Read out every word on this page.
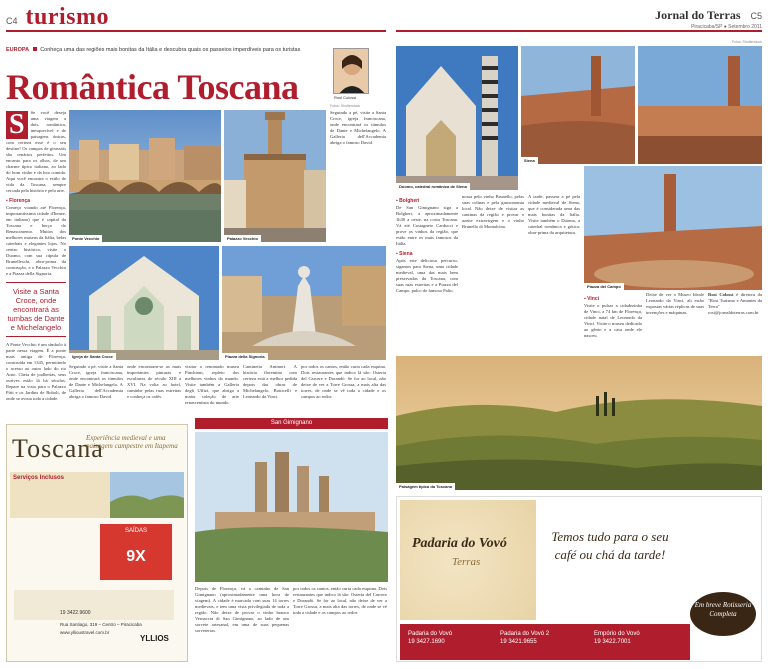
C4 turismo	Jornal do Terras C5
Piracicaba/SP ● Setembro 2011
Fotos: Shutterstock
EUROPA Conheça uma das regiões mais bonitas da Itália e descubra quais os passeios imperdíveis para os turistas
Romântica Toscana	Rosi Colossi
Fotos: Shutterstock
S	Se você deseja uma viagem a dois, romântica, inesquecível e de paisagens únicas, com certeza esse é o seu destino! Os campos de girassóis são cenários perfeitos. Um encanto para os olhos, de um charme típico italiano, ao lado do bom vinho e da boa comida. Aqui você encontra o estilo de vida da Toscana, sempre cercada pela história e pela arte.
▪ Florença
Começo voando até Florença, importantíssima cidade d'Itenze, em italiano) que é capital da Toscana e berço do Renascimento. Muitos dos melhores museus da Itália, belas catedrais e elegantes lojas. No centro histórico, visite o Duomo, com sua cúpula de Brunelleschi, obra-prima da construção, e o Palazzo Vecchio e a Piazza della Signoria.
Visite a Santa Croce, onde encontrará as tumbas de Dante e Michelangelo
A Ponte Vecchio é um símbolo à parte nessa viagem. É a ponte mais antiga de Florença, construída em 1345, permitindo o acesso ao outro lado do rio Arno. Cheia de joalherias, seus ourives estão lá há séculos. Repare na vista para o Palazzo Pitti e os Jardins de Boboli, de onde se avista toda a cidade.
Ponte Vecchio	Palazzo Vecchio
Seguindo a pé, visite a Santa Croce, igreja franciscana, onde encontrará os túmulos de Dante e Michelangelo. A Galleria dell'Accademia abriga o famoso David.
Igreja de Santa Croce	Piazza della Signoria
Seguindo a pé, visite a Santa Croce, igreja franciscana, onde encontrará os túmulos de Dante e Michelangelo. A Galleria dell'Accademia abriga o famoso David.
onde encontram-se as mais importantes pinturas e esculturas do século XIII a XVI. Na volta ao hotel, caminhe pelas ruas estreitas e conheça os cafés.
visitar o renomado museu Pinchioni, repleto dos melhores vinhos do mundo. Visite também a Galleria degli Uffizi, que abriga a maior coleção de arte renascentista do mundo.
Cantinetta Antinori. A história florentina com certeza está a melhor pedida depois das obras de Michelangelo, Botticelli e Leonardo da Vinci.
por todos os cantos, então curta cada esquina. Dois restaurantes que indico lá são: Osteria del Carcere e Dorandò. Se for ao local, não deixe de ver a Torre Grossa, a mais alta das torres, de onde se vê toda a cidade e os campos ao redor.
Toscana
Experiência medieval e uma paisagem campestre em Itapema
Serviços Inclusos
SAÍDAS
9X
19 3422.9600
Rua Santiago, 319 – Centro – Piracicaba
www.yllioustravel.com.br
YLLIOS
San Gimignano
Depois de Florença, vá a caminho de San Gimignano (aproximadamente uma hora de viagem). A cidade é marcada com suas 14 torres medievais, e tem uma vista privilegiada de toda a região. Não deixe de provar o vinho branco Vernaccia di San Gimignano, ao lado de um sorvete artesanal, em uma de suas pequenas sorveterias.
por todos os cantos, então curta cada esquina. Dois restaurantes que indico lá são: Osteria del Carcere e Dorandò. Se for ao local, não deixe de ver a Torre Grossa, a mais alta das torres, de onde se vê toda a cidade e os campos ao redor.
Duomo, catedral românica de Siena
Siena
▪ Bolgheri
De San Gimignano siga a Bolgheri, a aproximadamente 1h30 a oeste, na costa Toscana. Vá até Castagneto Carducci e prove os vinhos da região, que estão entre os mais famosos da Itália.
▪ Siena
Após este delicioso percurso, sigamos para Siena, uma cidade medieval, uma das mais bem preservadas da Toscana, com suas ruas estreitas e a Piazza del Campo, palco do famoso Palio.
nossa pelo vinho Brunello, pelas suas colinas e pela gastronomia local. Não deixe de visitar as cantinas da região e provar o azeite extravirgem e o vinho Brunello di Montalcino.
A tarde, passear a pé pela cidade medieval de Siena, que é considerada uma das mais bonitas da Itália. Visite também o Duomo, a catedral românica e gótica, obra-prima da arquitetura.
Piazza del Campo
▪ Vinci
Visite o pulsar a cidadezinha de Vinci, a 74 km de Florença, cidade natal de Leonardo da Vinci. Visite o museu dedicado ao gênio e a casa onde ele nasceu.
Deixe de ver o Museo Ideale Leonardo da Vinci, ali estão expostas várias réplicas de suas invenções e máquinas.
Rosi Colossi é diretora da "Rosi Turismo e Amantes da Terra"
rosi@jornaldoterras.com.br
Paisagem típica da Toscana
Padaria do Vovó
Terras
Temos tudo para o seu café ou chá da tarde!
Em breve Rotisseria Completa
Padaria do Vovó
19 3427.1690
Padaria do Vovó 2
19 3421.9655
Empório do Vovó
19 3422.7001
